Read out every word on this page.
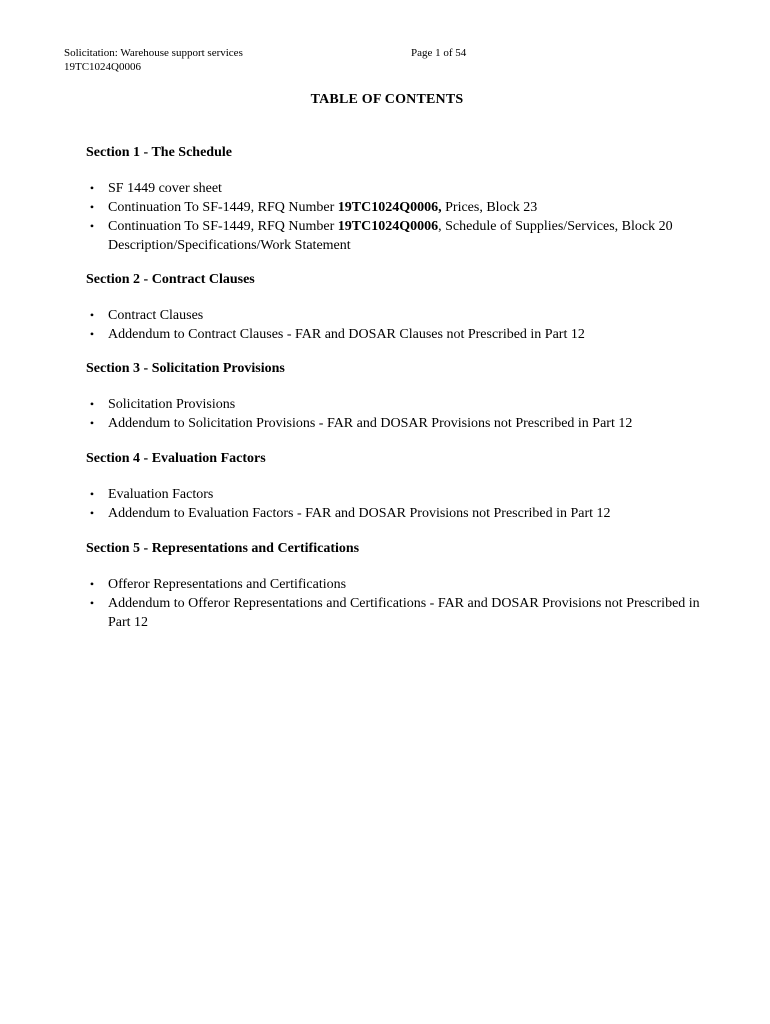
Solicitation: Warehouse support services
19TC1024Q0006
Page 1 of 54
TABLE OF CONTENTS
Section 1 - The Schedule
• SF 1449 cover sheet
• Continuation To SF-1449, RFQ Number 19TC1024Q0006, Prices, Block 23
• Continuation To SF-1449, RFQ Number 19TC1024Q0006, Schedule of Supplies/Services, Block 20 Description/Specifications/Work Statement
Section 2 - Contract Clauses
• Contract Clauses
• Addendum to Contract Clauses - FAR and DOSAR Clauses not Prescribed in Part 12
Section 3 - Solicitation Provisions
• Solicitation Provisions
• Addendum to Solicitation Provisions - FAR and DOSAR Provisions not Prescribed in Part 12
Section 4 - Evaluation Factors
• Evaluation Factors
• Addendum to Evaluation Factors - FAR and DOSAR Provisions not Prescribed in Part 12
Section 5 - Representations and Certifications
• Offeror Representations and Certifications
• Addendum to Offeror Representations and Certifications - FAR and DOSAR Provisions not Prescribed in Part 12
